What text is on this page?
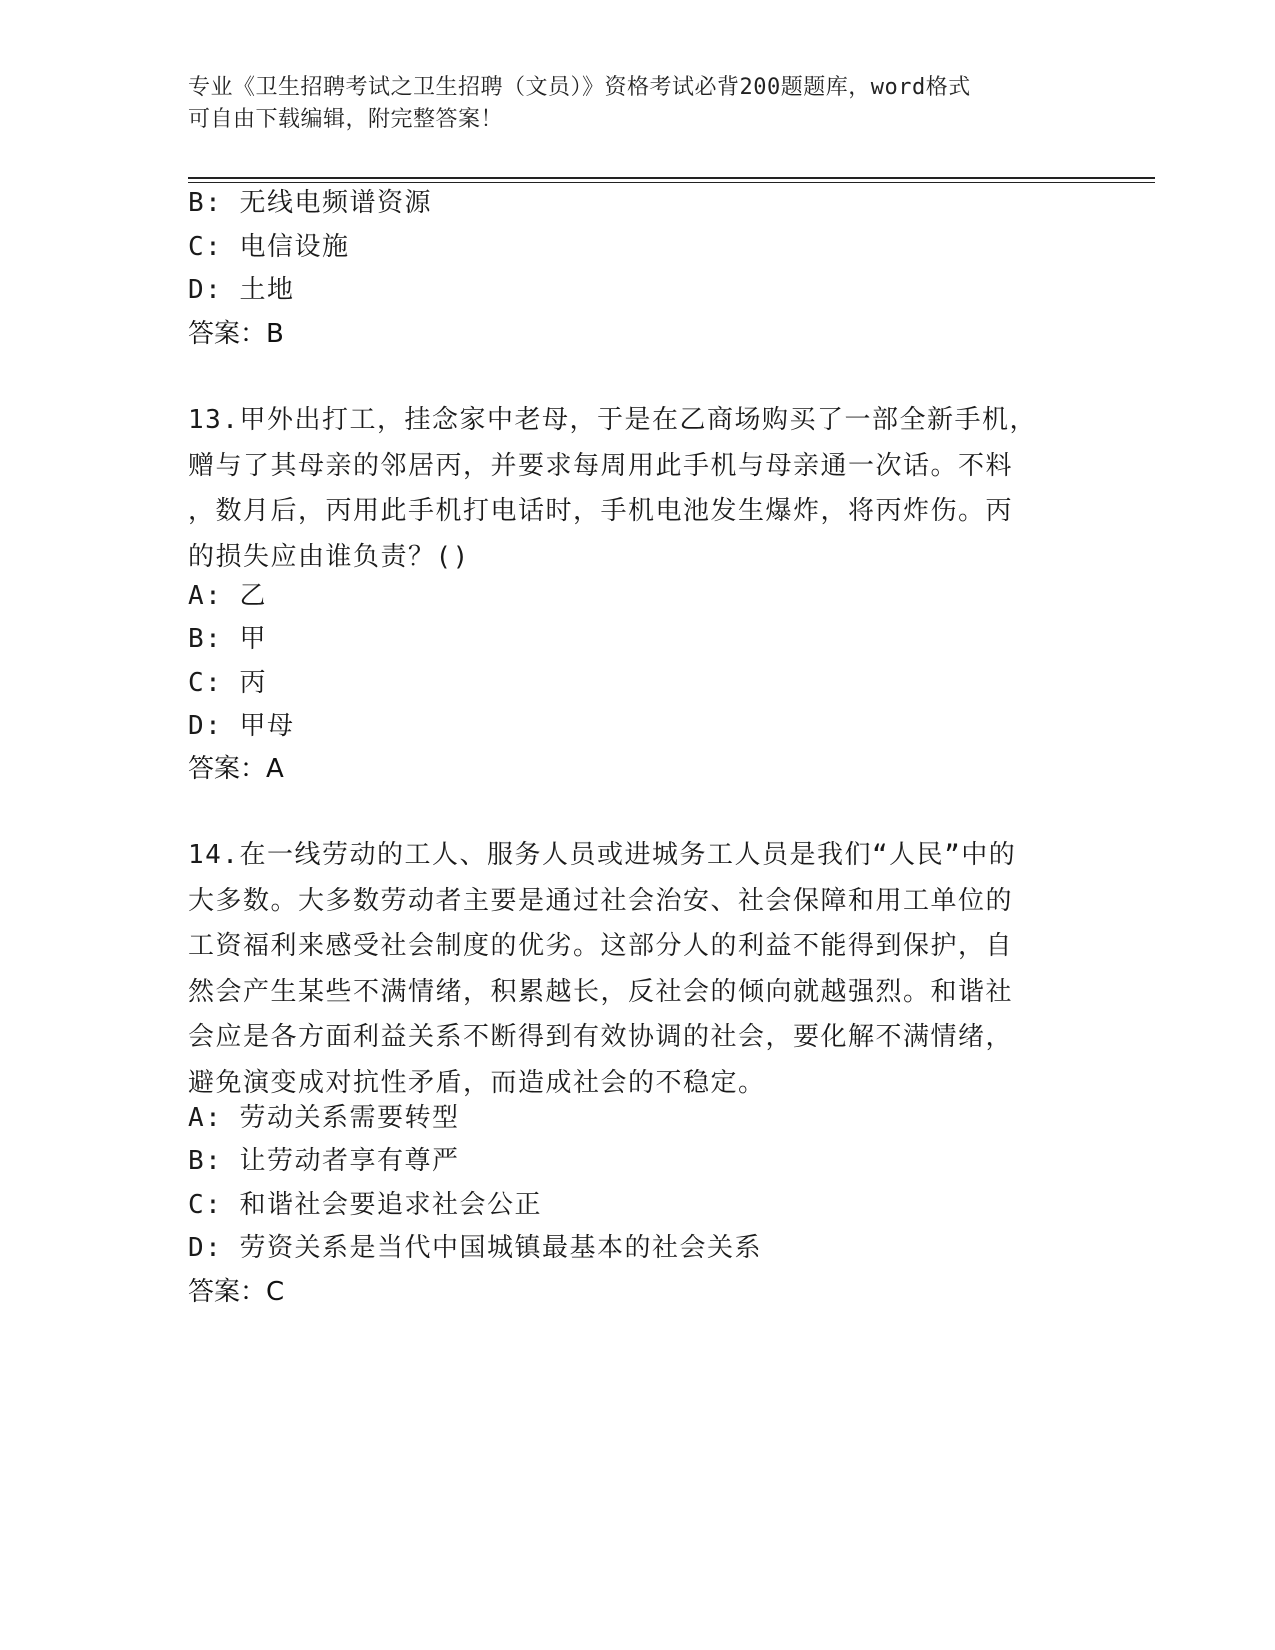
专业《卫生招聘考试之卫生招聘（文员）》资格考试必背200题题库，word格式
可自由下载编辑，附完整答案！
B: 无线电频谱资源
C: 电信设施
D: 土地
答案：B
13.甲外出打工，挂念家中老母，于是在乙商场购买了一部全新手机，
赠与了其母亲的邻居丙，并要求每周用此手机与母亲通一次话。不料
，数月后，丙用此手机打电话时，手机电池发生爆炸，将丙炸伤。丙
的损失应由谁负责？()
A: 乙
B: 甲
C: 丙
D: 甲母
答案：A
14.在一线劳动的工人、服务人员或进城务工人员是我们“人民”中的
大多数。大多数劳动者主要是通过社会治安、社会保障和用工单位的
工资福利来感受社会制度的优劣。这部分人的利益不能得到保护，自
然会产生某些不满情绪，积累越长，反社会的倾向就越强烈。和谐社
会应是各方面利益关系不断得到有效协调的社会，要化解不满情绪，
避免演变成对抗性矛盾，而造成社会的不稳定。
A: 劳动关系需要转型
B: 让劳动者享有尊严
C: 和谐社会要追求社会公正
D: 劳资关系是当代中国城镇最基本的社会关系
答案：C
